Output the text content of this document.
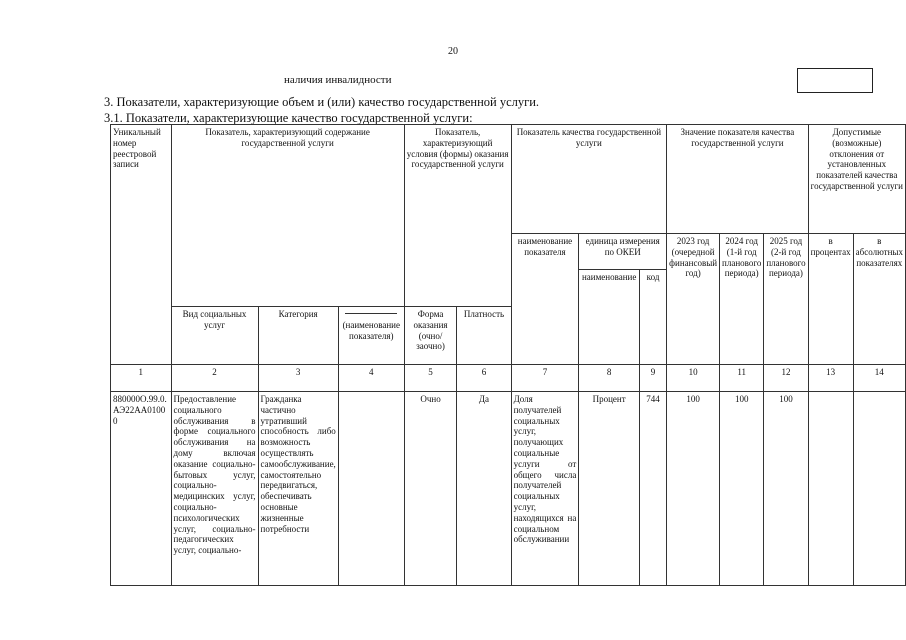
20
наличия инвалидности
3. Показатели, характеризующие объем и (или) качество государственной услуги.
3.1. Показатели, характеризующие качество государственной услуги:
Уникальный номер реестровой записи	Показатель, характеризующий содержание государственной услуги			Показатель, характеризующий условия (формы) оказания государственной услуги		Показатель качества государственной услуги			Значение показателя качества государственной услуги			Допустимые (возможные) отклонения от установленных показателей качества государственной услуги	
						наименование показателя	единица измерения по ОКЕИ		2023 год (очередной финансовый год)	2024 год (1-й год планового периода)	2025 год (2-й год планового периода)	в процентах	в абсолютных показателях
							наименование	код					
	Вид социальных услуг	Категория	(наименование показателя)	Форма оказания (очно/заочно)	Платность								
1	2	3	4	5	6	7	8	9	10	11	12	13	14
880000О.99.0.АЭ22АА01000	Предоставление социального обслуживания в форме социального обслуживания на дому включая оказание социально-бытовых услуг, социально-медицинских услуг, социально-психологических услуг, социально-педагогических услуг, социально-	Гражданка частично утративший способность либо возможность осуществлять самообслуживание, самостоятельно передвигаться, обеспечивать основные жизненные потребности		Очно	Да	Доля получателей социальных услуг, получающих социальные услуги от общего числа получателей социальных услуг, находящихся на социальном обслуживании	Процент	744	100	100	100		
